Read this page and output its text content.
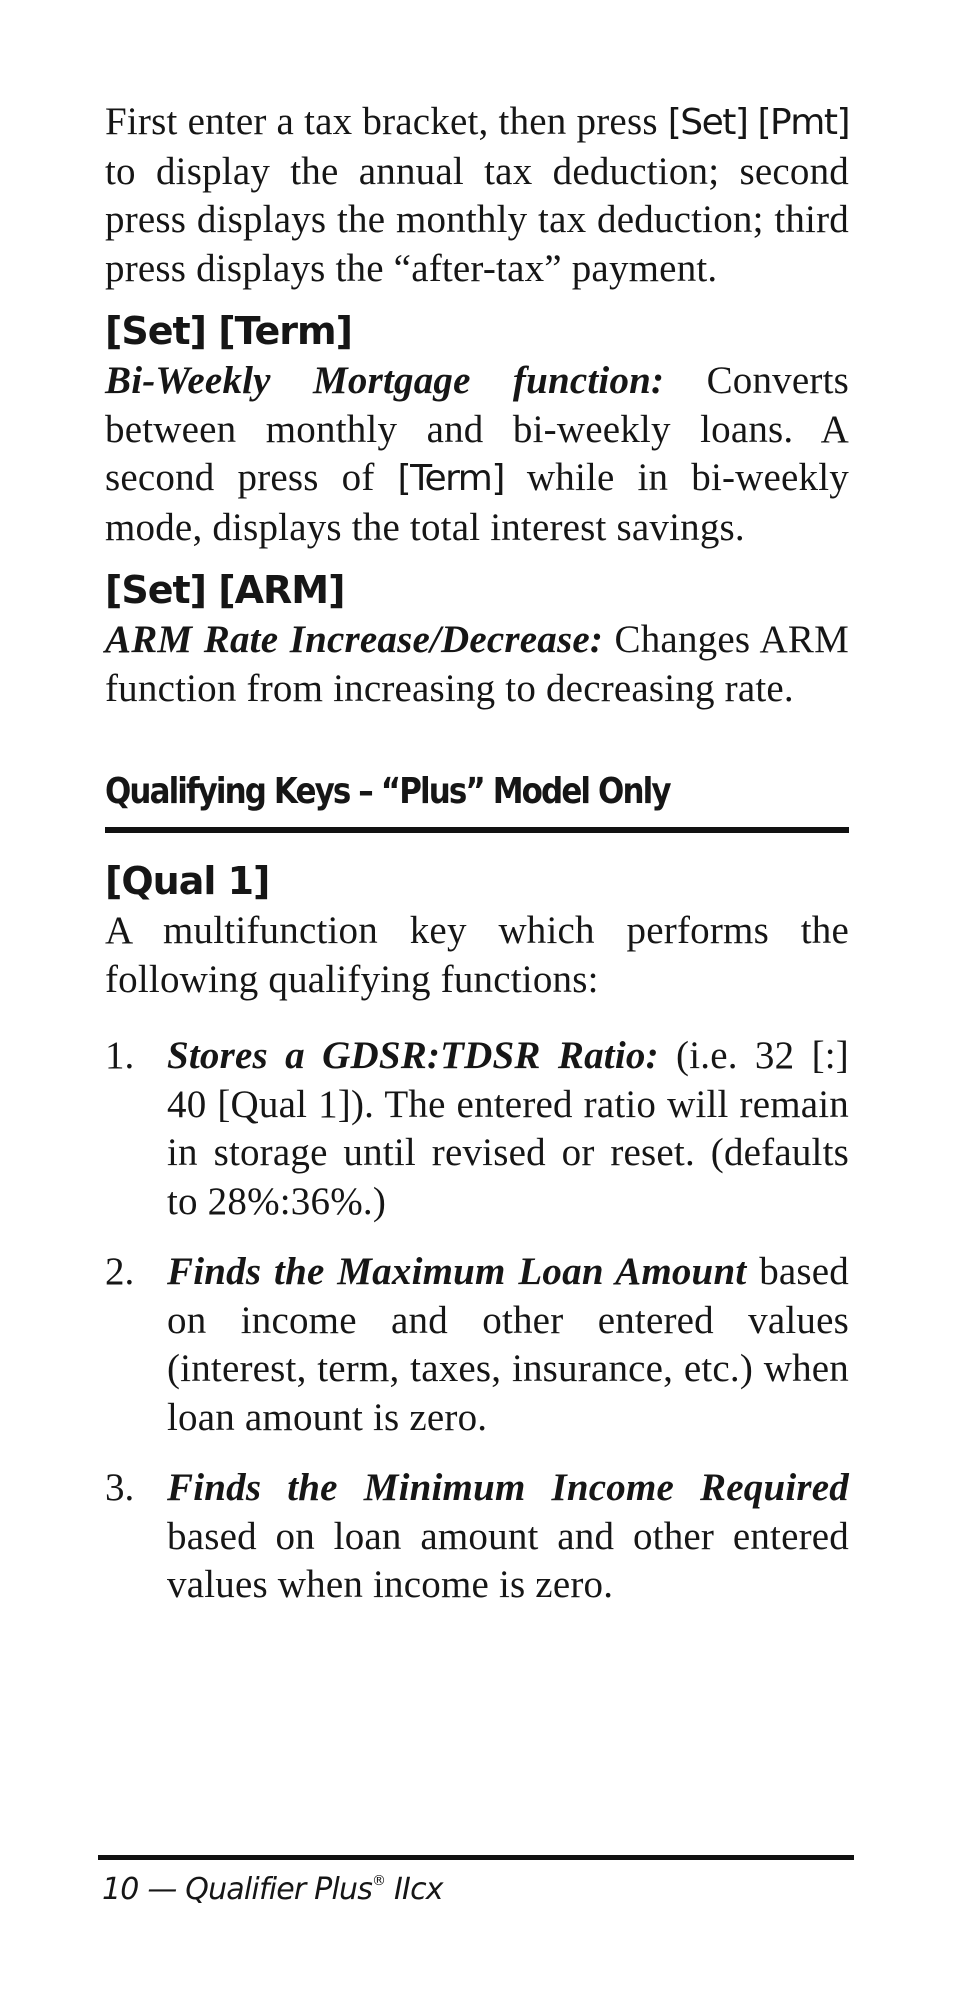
First enter a tax bracket, then press [Set] [Pmt] to display the annual tax deduction; second press displays the monthly tax deduction; third press displays the “after-tax” payment.

[Set] [Term]

Bi-Weekly Mortgage function: Converts between monthly and bi-weekly loans. A second press of [Term] while in bi-weekly mode, displays the total interest savings.

[Set] [ARM]

ARM Rate Increase/Decrease: Changes ARM function from increasing to decreasing rate.

Qualifying Keys – “Plus” Model Only
[Qual 1]

A multifunction key which performs the following qualifying functions:

1. Stores a GDSR:TDSR Ratio: (i.e. 32 [:] 40 [Qual 1]). The entered ratio will remain in storage until revised or reset. (defaults to 28%:36%.)

2. Finds the Maximum Loan Amount based on income and other entered values (interest, term, taxes, insurance, etc.) when loan amount is zero.

3. Finds the Minimum Income Required based on loan amount and other entered values when income is zero.

10 — Qualifier Plus® IIcx
